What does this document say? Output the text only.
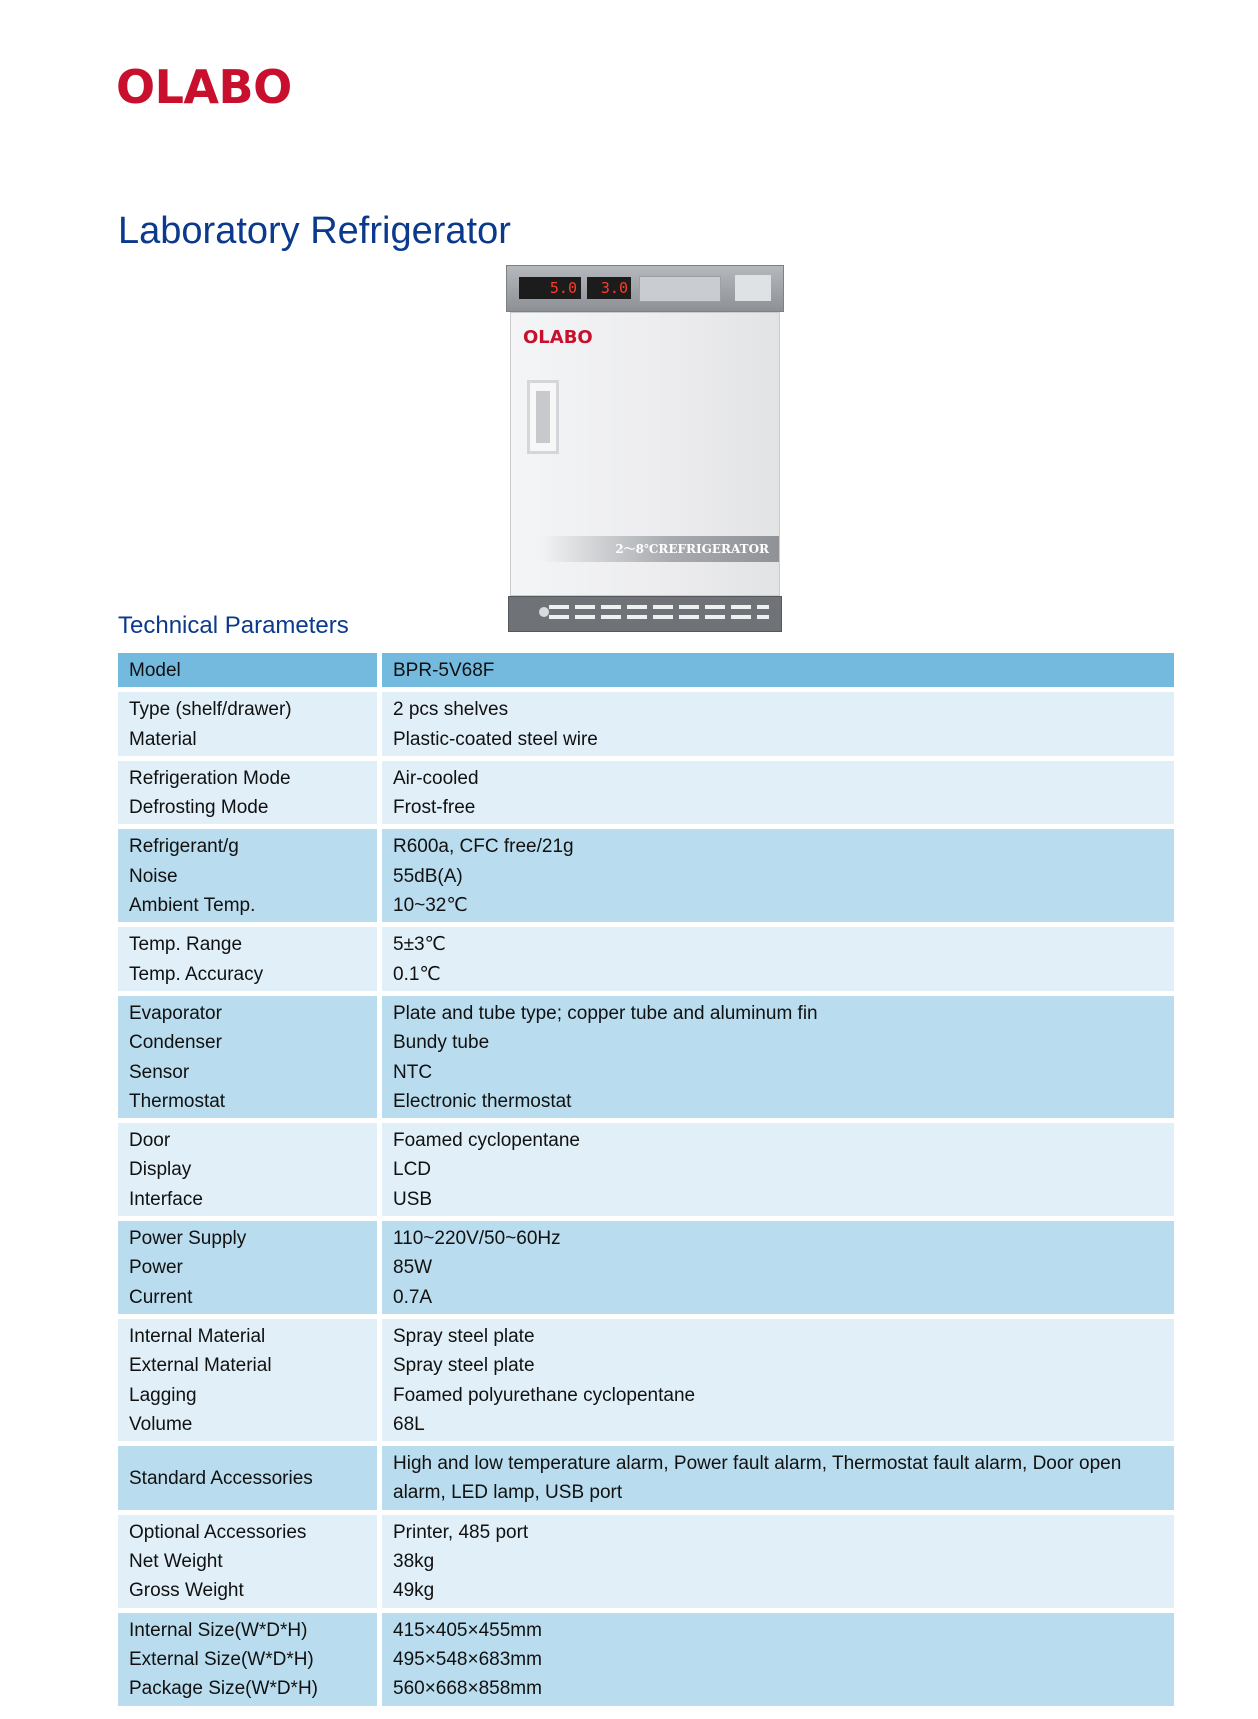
OLABO
Laboratory Refrigerator
5.0 3.0
OLABO
2～8℃REFRIGERATOR
Technical Parameters
Model	BPR-5V68F
Type (shelf/drawer)
Material
2 pcs shelves
Plastic-coated steel wire
Refrigeration Mode
Defrosting Mode
Air-cooled
Frost-free
Refrigerant/g
Noise
Ambient Temp.
R600a, CFC free/21g
55dB(A)
10~32℃
Temp. Range
Temp. Accuracy
5±3℃
0.1℃
Evaporator
Condenser
Sensor
Thermostat
Plate and tube type; copper tube and aluminum fin
Bundy tube
NTC
Electronic thermostat
Door
Display
Interface
Foamed cyclopentane
LCD
USB
Power Supply
Power
Current
110~220V/50~60Hz
85W
0.7A
Internal Material
External Material
Lagging
Volume
Spray steel plate
Spray steel plate
Foamed polyurethane cyclopentane
68L
Standard Accessories
High and low temperature alarm, Power fault alarm, Thermostat fault alarm, Door open alarm, LED lamp, USB port
Optional Accessories
Net Weight
Gross Weight
Printer, 485 port
38kg
49kg
Internal Size(W*D*H)
External Size(W*D*H)
Package Size(W*D*H)
415×405×455mm
495×548×683mm
560×668×858mm
